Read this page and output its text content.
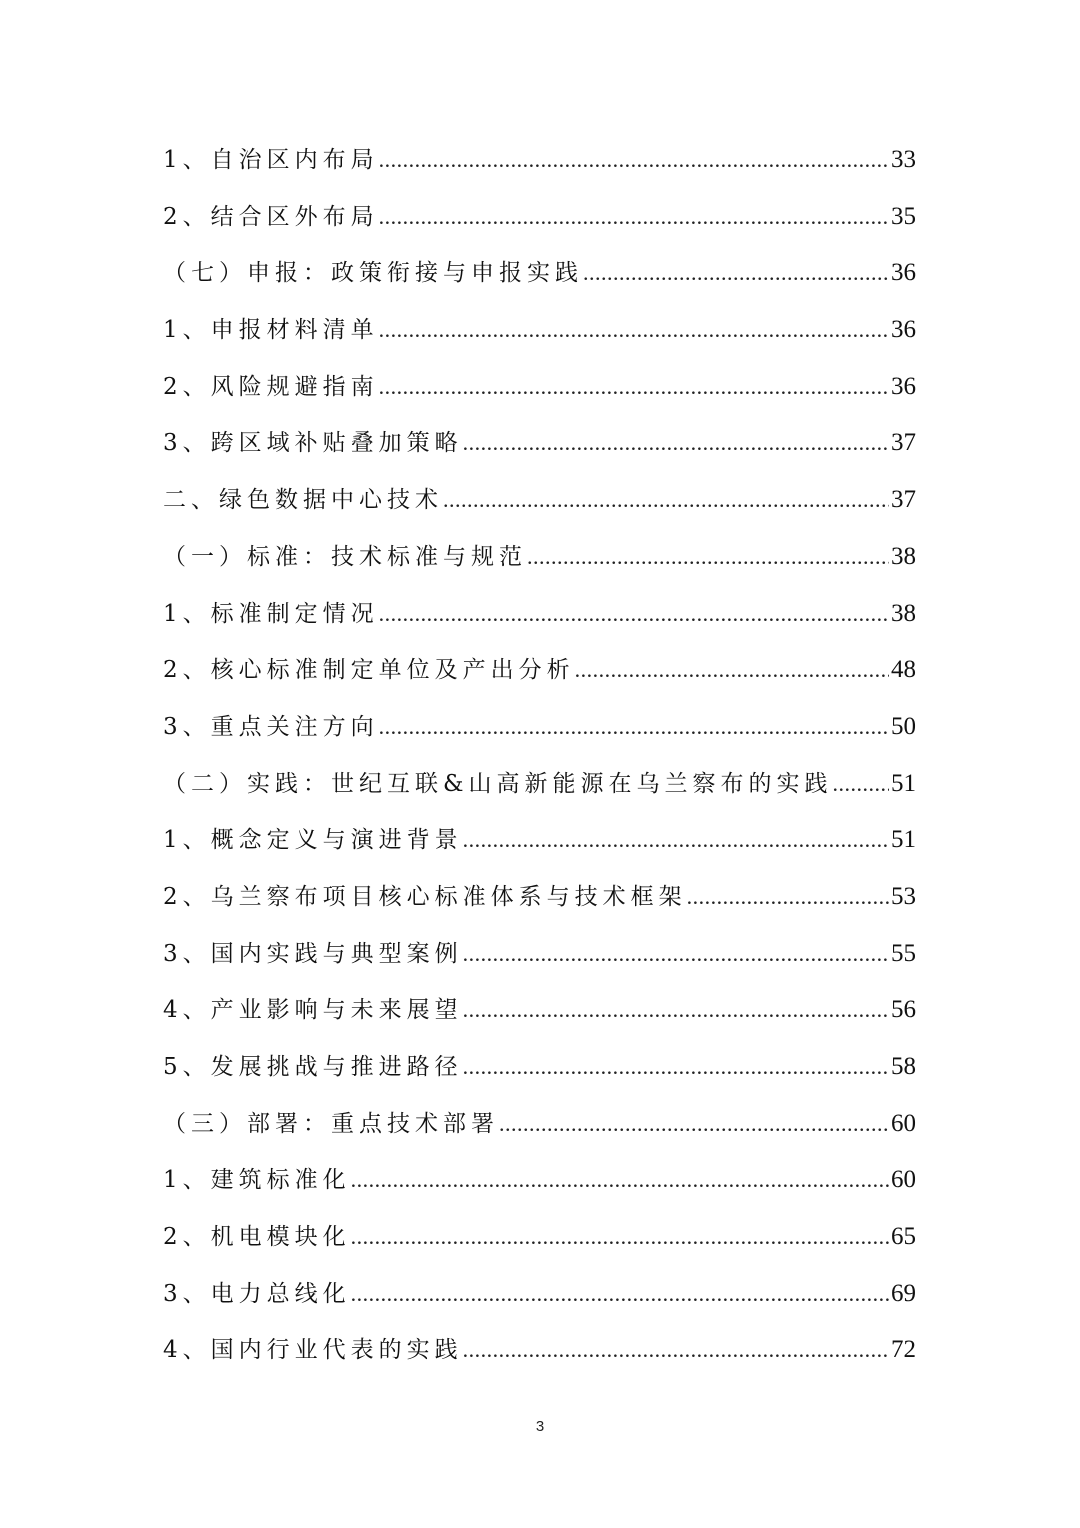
1、自治区内布局 .....	33
2、结合区外布局 .....	35
（七）申报：政策衔接与申报实践 .....	36
1、申报材料清单 .....	36
2、风险规避指南 .....	36
3、跨区域补贴叠加策略 .....	37
二、绿色数据中心技术 .....	37
（一）标准：技术标准与规范 .....	38
1、标准制定情况 .....	38
2、核心标准制定单位及产出分析 .....	48
3、重点关注方向 .....	50
（二）实践：世纪互联&山高新能源在乌兰察布的实践 ..... 51
1、概念定义与演进背景 .....	51
2、乌兰察布项目核心标准体系与技术框架 .....	53
3、国内实践与典型案例 .....	55
4、产业影响与未来展望 .....	56
5、发展挑战与推进路径 .....	58
（三）部署：重点技术部署 .....	60
1、建筑标准化 .....	60
2、机电模块化 .....	65
3、电力总线化 .....	69
4、国内行业代表的实践 .....	72
3
